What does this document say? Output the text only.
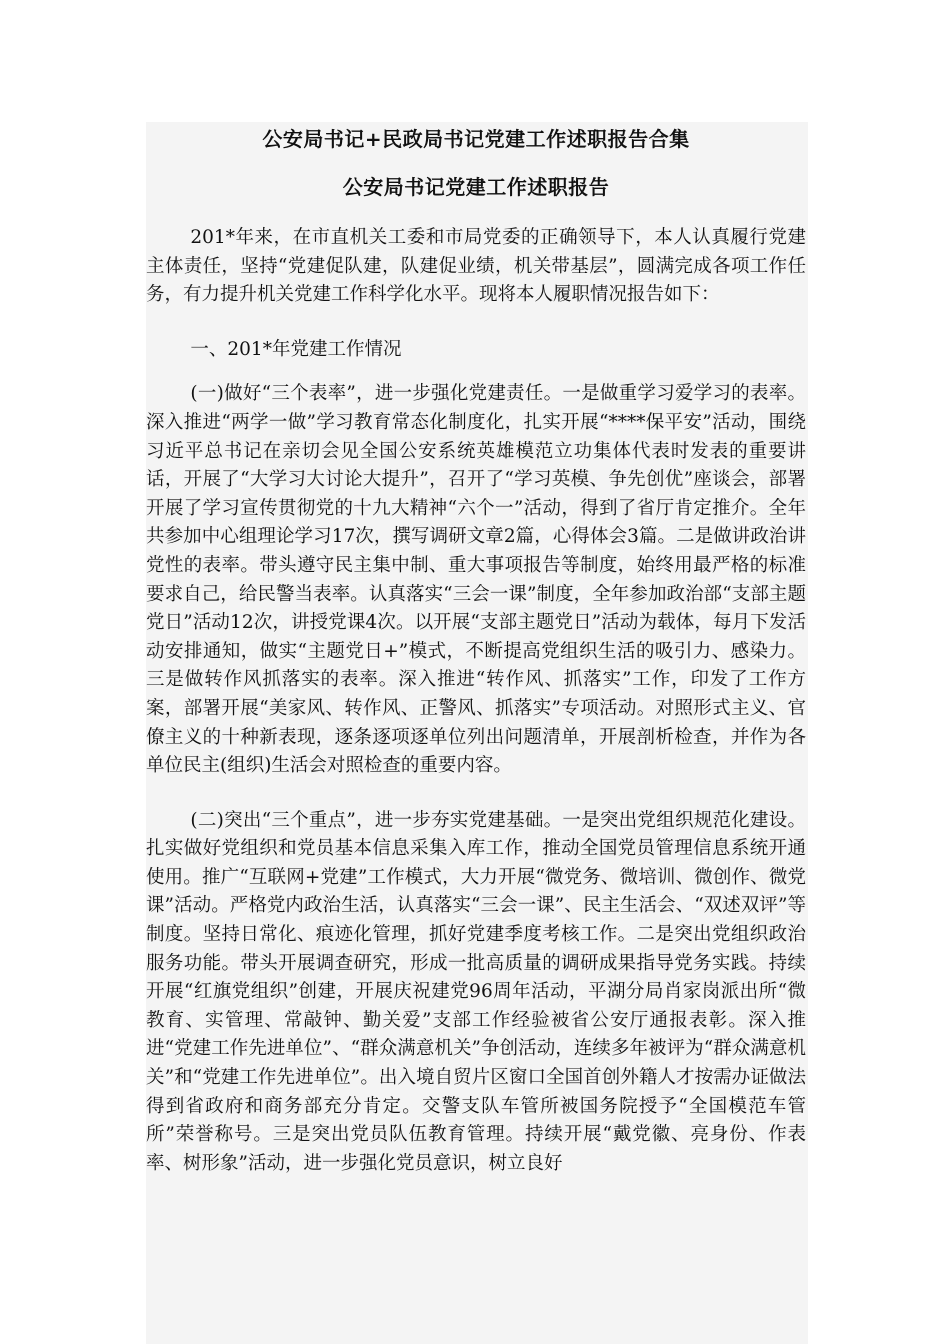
公安局书记+民政局书记党建工作述职报告合集
公安局书记党建工作述职报告

201*年来，在市直机关工委和市局党委的正确领导下，本人认真履行党建主体责任，坚持“党建促队建，队建促业绩，机关带基层”，圆满完成各项工作任务，有力提升机关党建工作科学化水平。现将本人履职情况报告如下：

一、201*年党建工作情况

(一)做好“三个表率”，进一步强化党建责任。一是做重学习爱学习的表率。深入推进“两学一做”学习教育常态化制度化，扎实开展“****保平安”活动，围绕习近平总书记在亲切会见全国公安系统英雄模范立功集体代表时发表的重要讲话，开展了“大学习大讨论大提升”，召开了“学习英模、争先创优”座谈会，部署开展了学习宣传贯彻党的十九大精神“六个一”活动，得到了省厅肯定推介。全年共参加中心组理论学习17次，撰写调研文章2篇，心得体会3篇。二是做讲政治讲党性的表率。带头遵守民主集中制、重大事项报告等制度，始终用最严格的标准要求自己，给民警当表率。认真落实“三会一课”制度，全年参加政治部“支部主题党日”活动12次，讲授党课4次。以开展“支部主题党日”活动为载体，每月下发活动安排通知，做实“主题党日+”模式，不断提高党组织生活的吸引力、感染力。三是做转作风抓落实的表率。深入推进“转作风、抓落实”工作，印发了工作方案，部署开展“美家风、转作风、正警风、抓落实”专项活动。对照形式主义、官僚主义的十种新表现，逐条逐项逐单位列出问题清单，开展剖析检查，并作为各单位民主(组织)生活会对照检查的重要内容。

(二)突出“三个重点”，进一步夯实党建基础。一是突出党组织规范化建设。扎实做好党组织和党员基本信息采集入库工作，推动全国党员管理信息系统开通使用。推广“互联网+党建”工作模式，大力开展“微党务、微培训、微创作、微党课”活动。严格党内政治生活，认真落实“三会一课”、民主生活会、“双述双评”等制度。坚持日常化、痕迹化管理，抓好党建季度考核工作。二是突出党组织政治服务功能。带头开展调查研究，形成一批高质量的调研成果指导党务实践。持续开展“红旗党组织”创建，开展庆祝建党96周年活动，平湖分局肖家岗派出所“微教育、实管理、常敲钟、勤关爱”支部工作经验被省公安厅通报表彰。深入推进“党建工作先进单位”、“群众满意机关”争创活动，连续多年被评为“群众满意机关”和“党建工作先进单位”。出入境自贸片区窗口全国首创外籍人才按需办证做法得到省政府和商务部充分肯定。交警支队车管所被国务院授予“全国模范车管所”荣誉称号。三是突出党员队伍教育管理。持续开展“戴党徽、亮身份、作表率、树形象”活动，进一步强化党员意识，树立良好
